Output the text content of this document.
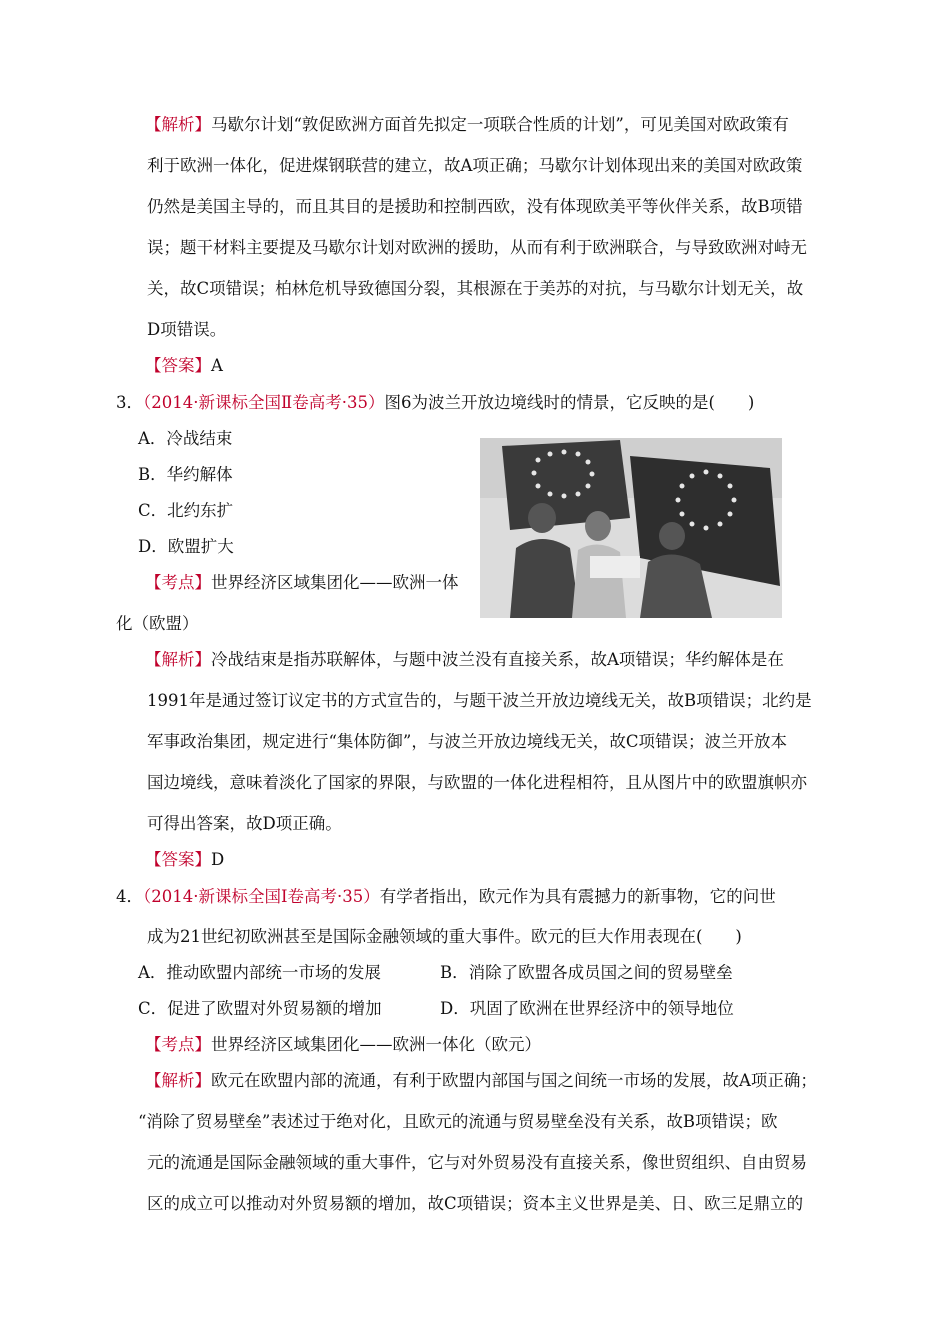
【解析】马歇尔计划“敦促欧洲方面首先拟定一项联合性质的计划”，可见美国对欧政策有
利于欧洲一体化，促进煤钢联营的建立，故A项正确；马歇尔计划体现出来的美国对欧政策
仍然是美国主导的，而且其目的是援助和控制西欧，没有体现欧美平等伙伴关系，故B项错
误；题干材料主要提及马歇尔计划对欧洲的援助，从而有利于欧洲联合，与导致欧洲对峙无
关，故C项错误；柏林危机导致德国分裂，其根源在于美苏的对抗，与马歇尔计划无关，故
D项错误。
【答案】A
3．（2014·新课标全国Ⅱ卷高考·35）图6为波兰开放边境线时的情景，它反映的是(　　)
A．冷战结束
B．华约解体
C．北约东扩
D．欧盟扩大
【考点】世界经济区域集团化——欧洲一体
化（欧盟）
【解析】冷战结束是指苏联解体，与题中波兰没有直接关系，故A项错误；华约解体是在
1991年是通过签订议定书的方式宣告的，与题干波兰开放边境线无关，故B项错误；北约是
军事政治集团，规定进行“集体防御”，与波兰开放边境线无关，故C项错误；波兰开放本
国边境线，意味着淡化了国家的界限，与欧盟的一体化进程相符，且从图片中的欧盟旗帜亦
可得出答案，故D项正确。
【答案】D
4．（2014·新课标全国Ⅰ卷高考·35）有学者指出，欧元作为具有震撼力的新事物，它的问世
成为21世纪初欧洲甚至是国际金融领域的重大事件。欧元的巨大作用表现在(　　)
A．推动欧盟内部统一市场的发展	B．消除了欧盟各成员国之间的贸易壁垒
C．促进了欧盟对外贸易额的增加	D．巩固了欧洲在世界经济中的领导地位
【考点】世界经济区域集团化——欧洲一体化（欧元）
【解析】欧元在欧盟内部的流通，有利于欧盟内部国与国之间统一市场的发展，故A项正确；
“消除了贸易壁垒”表述过于绝对化，且欧元的流通与贸易壁垒没有关系，故B项错误；欧
元的流通是国际金融领域的重大事件，它与对外贸易没有直接关系，像世贸组织、自由贸易
区的成立可以推动对外贸易额的增加，故C项错误；资本主义世界是美、日、欧三足鼎立的
